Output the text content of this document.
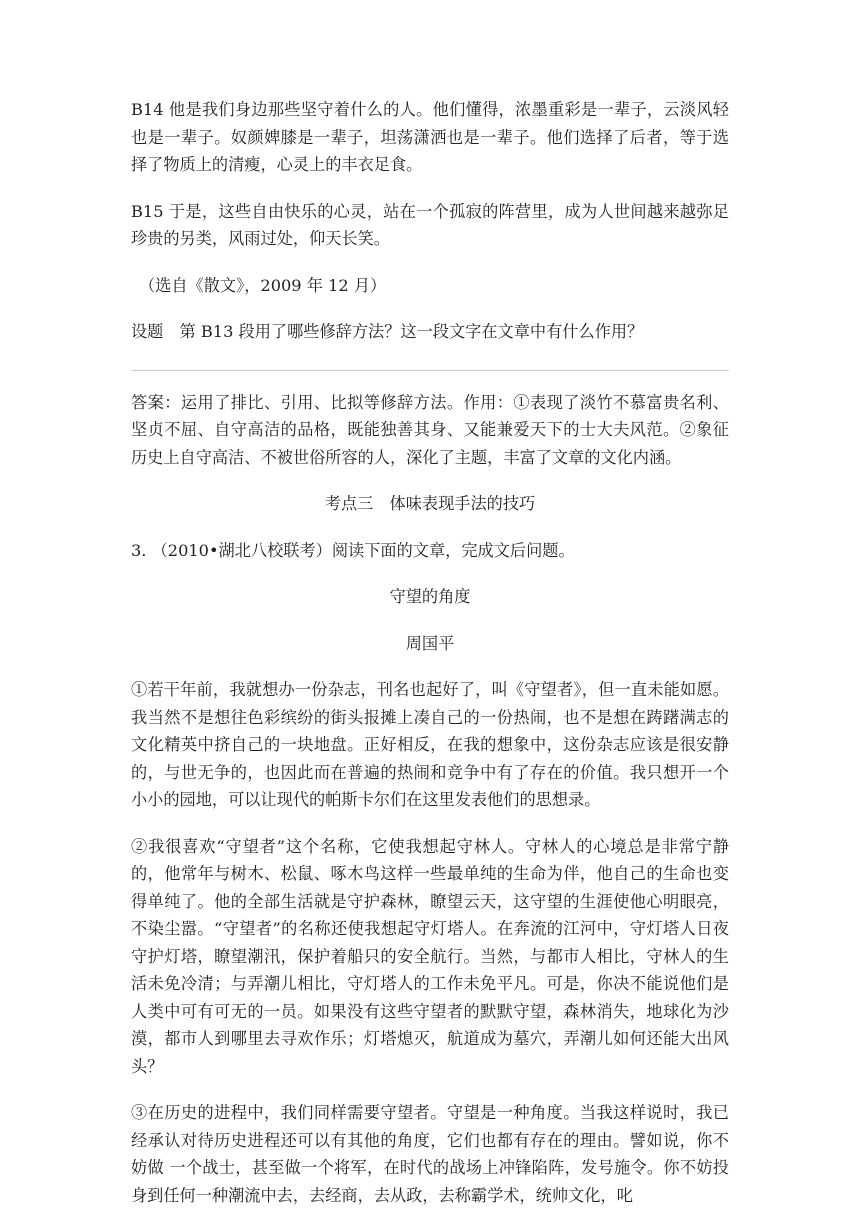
B14 他是我们身边那些坚守着什么的人。他们懂得，浓墨重彩是一辈子，云淡风轻也是一辈子。奴颜婢膝是一辈子，坦荡潇洒也是一辈子。他们选择了后者，等于选择了物质上的清瘦，心灵上的丰衣足食。

B15 于是，这些自由快乐的心灵，站在一个孤寂的阵营里，成为人世间越来越弥足珍贵的另类，风雨过处，仰天长笑。

（选自《散文》，2009 年 12 月）

设题　第 B13 段用了哪些修辞方法？这一段文字在文章中有什么作用？

答案：运用了排比、引用、比拟等修辞方法。作用：①表现了淡竹不慕富贵名利、坚贞不屈、自守高洁的品格，既能独善其身、又能兼爱天下的士大夫风范。②象征历史上自守高洁、不被世俗所容的人，深化了主题，丰富了文章的文化内涵。

考点三　体味表现手法的技巧

3. （2010•湖北八校联考）阅读下面的文章，完成文后问题。

守望的角度

周国平

①若干年前，我就想办一份杂志，刊名也起好了，叫《守望者》，但一直未能如愿。我当然不是想往色彩缤纷的街头报摊上凑自己的一份热闹，也不是想在踌躇满志的文化精英中挤自己的一块地盘。正好相反，在我的想象中，这份杂志应该是很安静的，与世无争的，也因此而在普遍的热闹和竞争中有了存在的价值。我只想开一个小小的园地，可以让现代的帕斯卡尔们在这里发表他们的思想录。

②我很喜欢“守望者”这个名称，它使我想起守林人。守林人的心境总是非常宁静的，他常年与树木、松鼠、啄木鸟这样一些最单纯的生命为伴，他自己的生命也变得单纯了。他的全部生活就是守护森林，瞭望云天，这守望的生涯使他心明眼亮，不染尘嚣。“守望者”的名称还使我想起守灯塔人。在奔流的江河中，守灯塔人日夜守护灯塔，瞭望潮汛，保护着船只的安全航行。当然，与都市人相比，守林人的生活未免冷清；与弄潮儿相比，守灯塔人的工作未免平凡。可是，你决不能说他们是人类中可有可无的一员。如果没有这些守望者的默默守望，森林消失，地球化为沙漠，都市人到哪里去寻欢作乐；灯塔熄灭，航道成为墓穴，弄潮儿如何还能大出风头？

③在历史的进程中，我们同样需要守望者。守望是一种角度。当我这样说时，我已经承认对待历史进程还可以有其他的角度，它们也都有存在的理由。譬如说，你不妨做 一个战士，甚至做一个将军，在时代的战场上冲锋陷阵，发号施令。你不妨投身到任何一种潮流中去，去经商，去从政，去称霸学术，统帅文化，叱
